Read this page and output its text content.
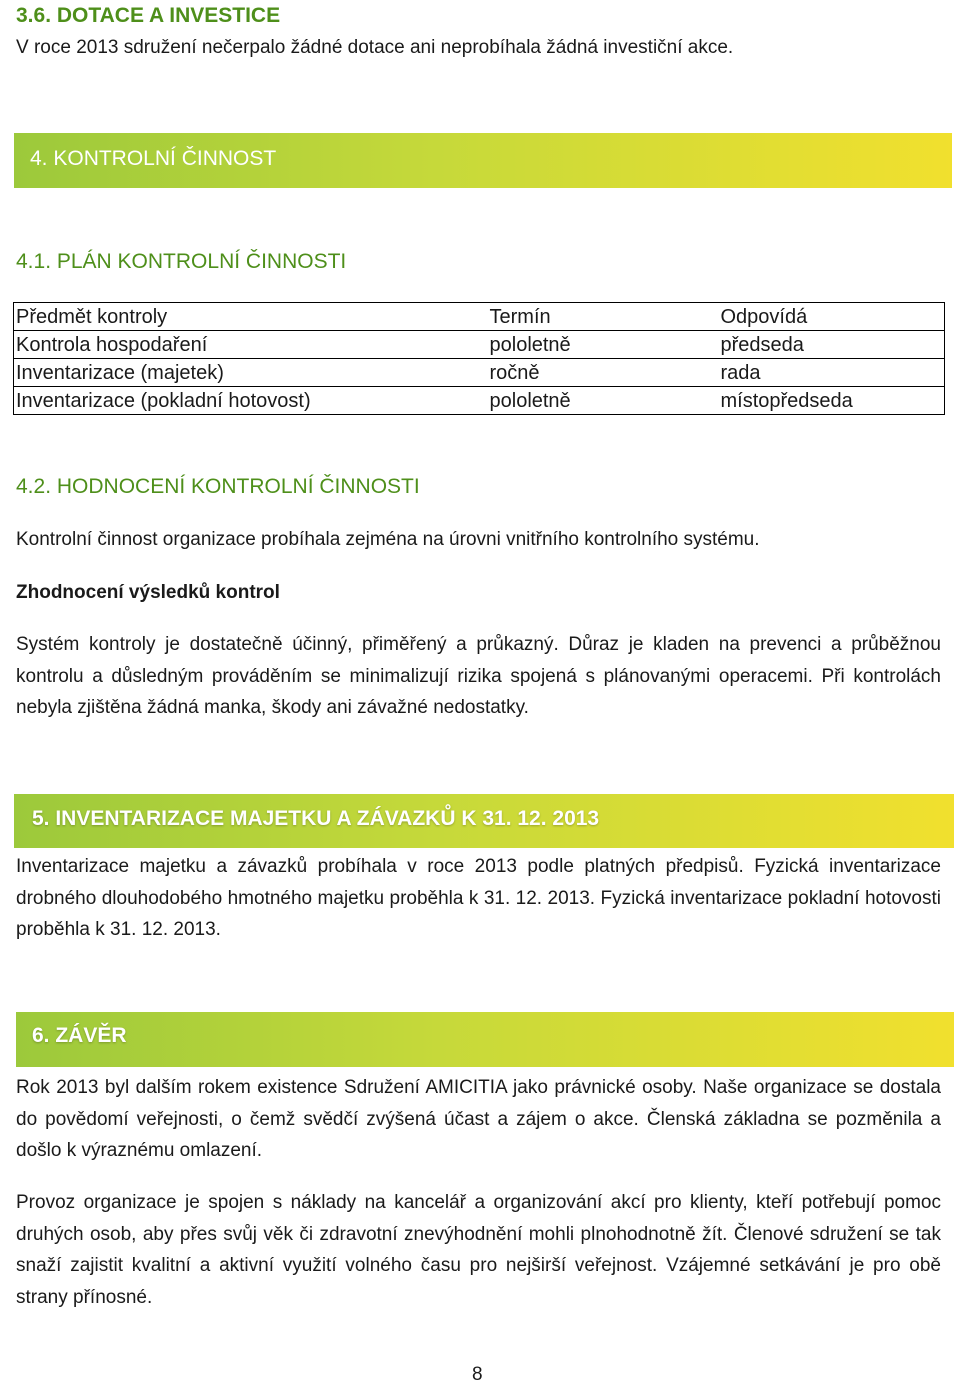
3.6. DOTACE A INVESTICE
V roce 2013 sdružení nečerpalo žádné dotace ani neprobíhala žádná investiční akce.
4. KONTROLNÍ ČINNOST
4.1. PLÁN KONTROLNÍ ČINNOSTI
Předmět kontroly	Termín	Odpovídá
Kontrola hospodaření	pololetně	předseda
Inventarizace (majetek)	ročně	rada
Inventarizace (pokladní hotovost)	pololetně	místopředseda
4.2. HODNOCENÍ KONTROLNÍ ČINNOSTI
Kontrolní činnost organizace probíhala zejména na úrovni vnitřního kontrolního systému.
Zhodnocení výsledků kontrol
Systém kontroly je dostatečně účinný, přiměřený a průkazný. Důraz je kladen na prevenci a průběžnou kontrolu a důsledným prováděním se minimalizují rizika spojená s plánovanými operacemi. Při kontrolách nebyla zjištěna žádná manka, škody ani závažné nedostatky.
5. INVENTARIZACE MAJETKU A ZÁVAZKŮ K 31. 12. 2013
Inventarizace majetku a závazků probíhala v roce 2013 podle platných předpisů. Fyzická inventarizace drobného dlouhodobého hmotného majetku proběhla k 31. 12. 2013. Fyzická inventarizace pokladní hotovosti proběhla k 31. 12. 2013.
6. ZÁVĚR
Rok 2013 byl dalším rokem existence Sdružení AMICITIA jako právnické osoby. Naše organizace se dostala do povědomí veřejnosti, o čemž svědčí zvýšená účast a zájem o akce. Členská základna se pozměnila a došlo k výraznému omlazení.
Provoz organizace je spojen s náklady na kancelář a organizování akcí pro klienty, kteří potřebují pomoc druhých osob, aby přes svůj věk či zdravotní znevýhodnění mohli plnohodnotně žít. Členové sdružení se tak snaží zajistit kvalitní a aktivní využití volného času pro nejširší veřejnost. Vzájemné setkávání je pro obě strany přínosné.
8
